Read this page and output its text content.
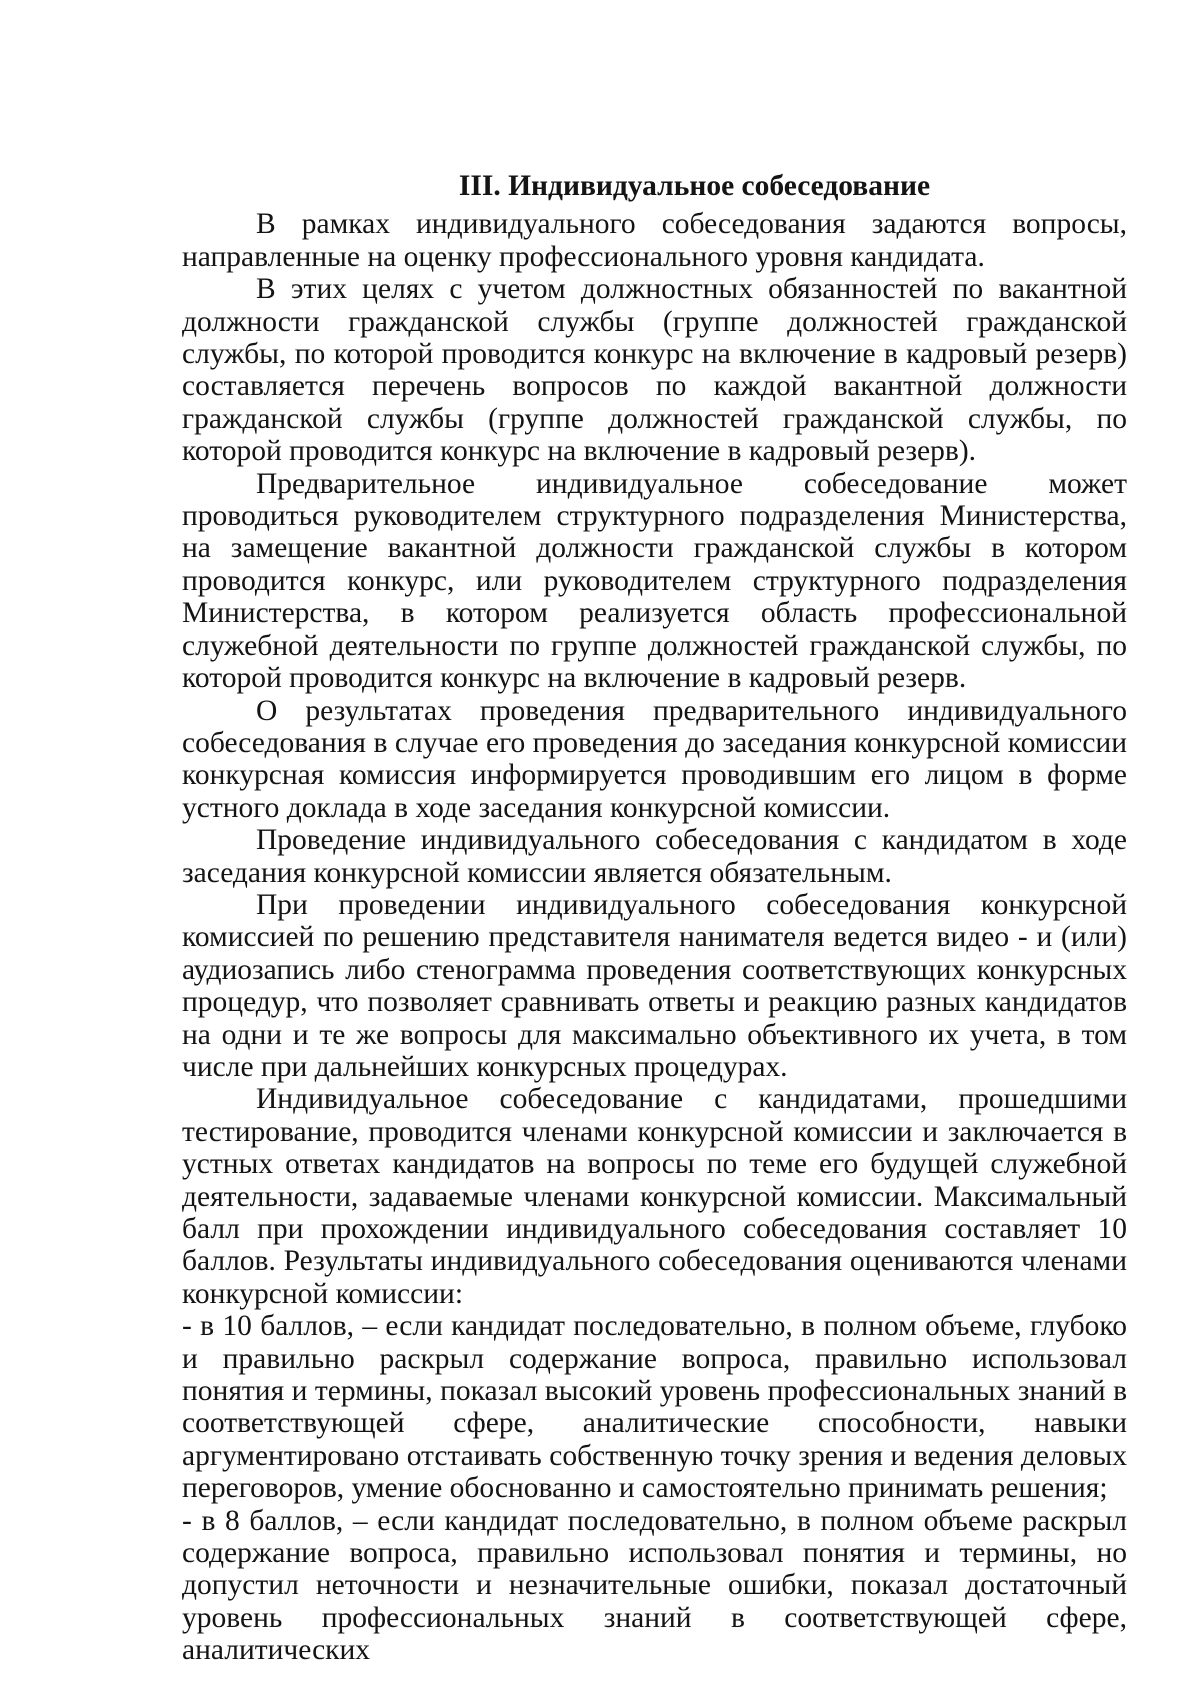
III. Индивидуальное собеседование

В рамках индивидуального собеседования задаются вопросы, направленные на оценку профессионального уровня кандидата.

В этих целях с учетом должностных обязанностей по вакантной должности гражданской службы (группе должностей гражданской службы, по которой проводится конкурс на включение в кадровый резерв) составляется перечень вопросов по каждой вакантной должности гражданской службы (группе должностей гражданской службы, по которой проводится конкурс на включение в кадровый резерв).

Предварительное индивидуальное собеседование может проводиться руководителем структурного подразделения Министерства, на замещение вакантной должности гражданской службы в котором проводится конкурс, или руководителем структурного подразделения Министерства, в котором реализуется область профессиональной служебной деятельности по группе должностей гражданской службы, по которой проводится конкурс на включение в кадровый резерв.

О результатах проведения предварительного индивидуального собеседования в случае его проведения до заседания конкурсной комиссии конкурсная комиссия информируется проводившим его лицом в форме устного доклада в ходе заседания конкурсной комиссии.

Проведение индивидуального собеседования с кандидатом в ходе заседания конкурсной комиссии является обязательным.

При проведении индивидуального собеседования конкурсной комиссией по решению представителя нанимателя ведется видео - и (или) аудиозапись либо стенограмма проведения соответствующих конкурсных процедур, что позволяет сравнивать ответы и реакцию разных кандидатов на одни и те же вопросы для максимально объективного их учета, в том числе при дальнейших конкурсных процедурах.

Индивидуальное собеседование с кандидатами, прошедшими тестирование, проводится членами конкурсной комиссии и заключается в устных ответах кандидатов на вопросы по теме его будущей служебной деятельности, задаваемые членами конкурсной комиссии. Максимальный балл при прохождении индивидуального собеседования составляет 10 баллов. Результаты индивидуального собеседования оцениваются членами конкурсной комиссии:

- в 10 баллов, – если кандидат последовательно, в полном объеме, глубоко и правильно раскрыл содержание вопроса, правильно использовал понятия и термины, показал высокий уровень профессиональных знаний в соответствующей сфере, аналитические способности, навыки аргументировано отстаивать собственную точку зрения и ведения деловых переговоров, умение обоснованно и самостоятельно принимать решения;

- в 8 баллов, – если кандидат последовательно, в полном объеме раскрыл содержание вопроса, правильно использовал понятия и термины, но допустил неточности и незначительные ошибки, показал достаточный уровень профессиональных знаний в соответствующей сфере, аналитических
